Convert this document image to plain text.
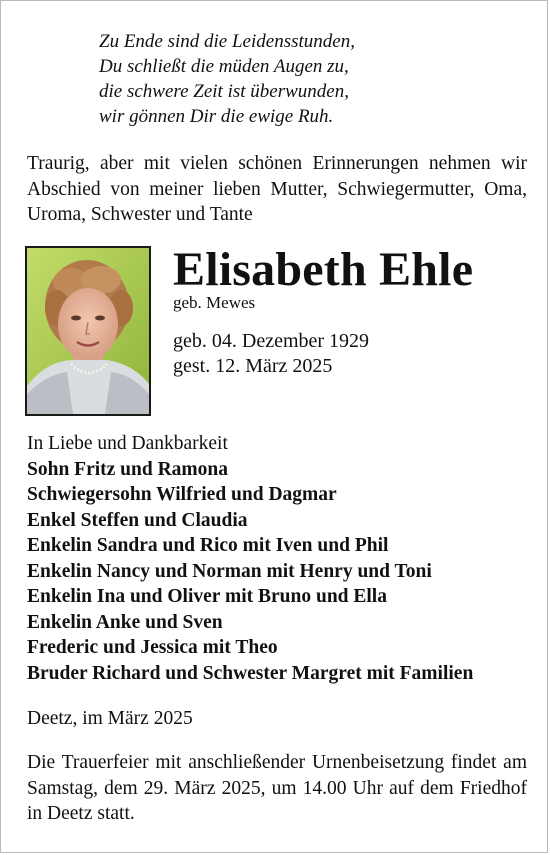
Zu Ende sind die Leidensstunden,
Du schließt die müden Augen zu,
die schwere Zeit ist überwunden,
wir gönnen Dir die ewige Ruh.
Traurig, aber mit vielen schönen Erinnerungen nehmen wir Abschied von meiner lieben Mutter, Schwiegermutter, Oma, Uroma, Schwester und Tante
Elisabeth Ehle
geb. Mewes
geb. 04. Dezember 1929
gest. 12. März 2025
In Liebe und Dankbarkeit
Sohn Fritz und Ramona
Schwiegersohn Wilfried und Dagmar
Enkel Steffen und Claudia
Enkelin Sandra und Rico mit Iven und Phil
Enkelin Nancy und Norman mit Henry und Toni
Enkelin Ina und Oliver mit Bruno und Ella
Enkelin Anke und Sven
Frederic und Jessica mit Theo
Bruder Richard und Schwester Margret mit Familien
Deetz, im März 2025
Die Trauerfeier mit anschließender Urnenbeisetzung findet am Samstag, dem 29. März 2025, um 14.00 Uhr auf dem Friedhof in Deetz statt.
